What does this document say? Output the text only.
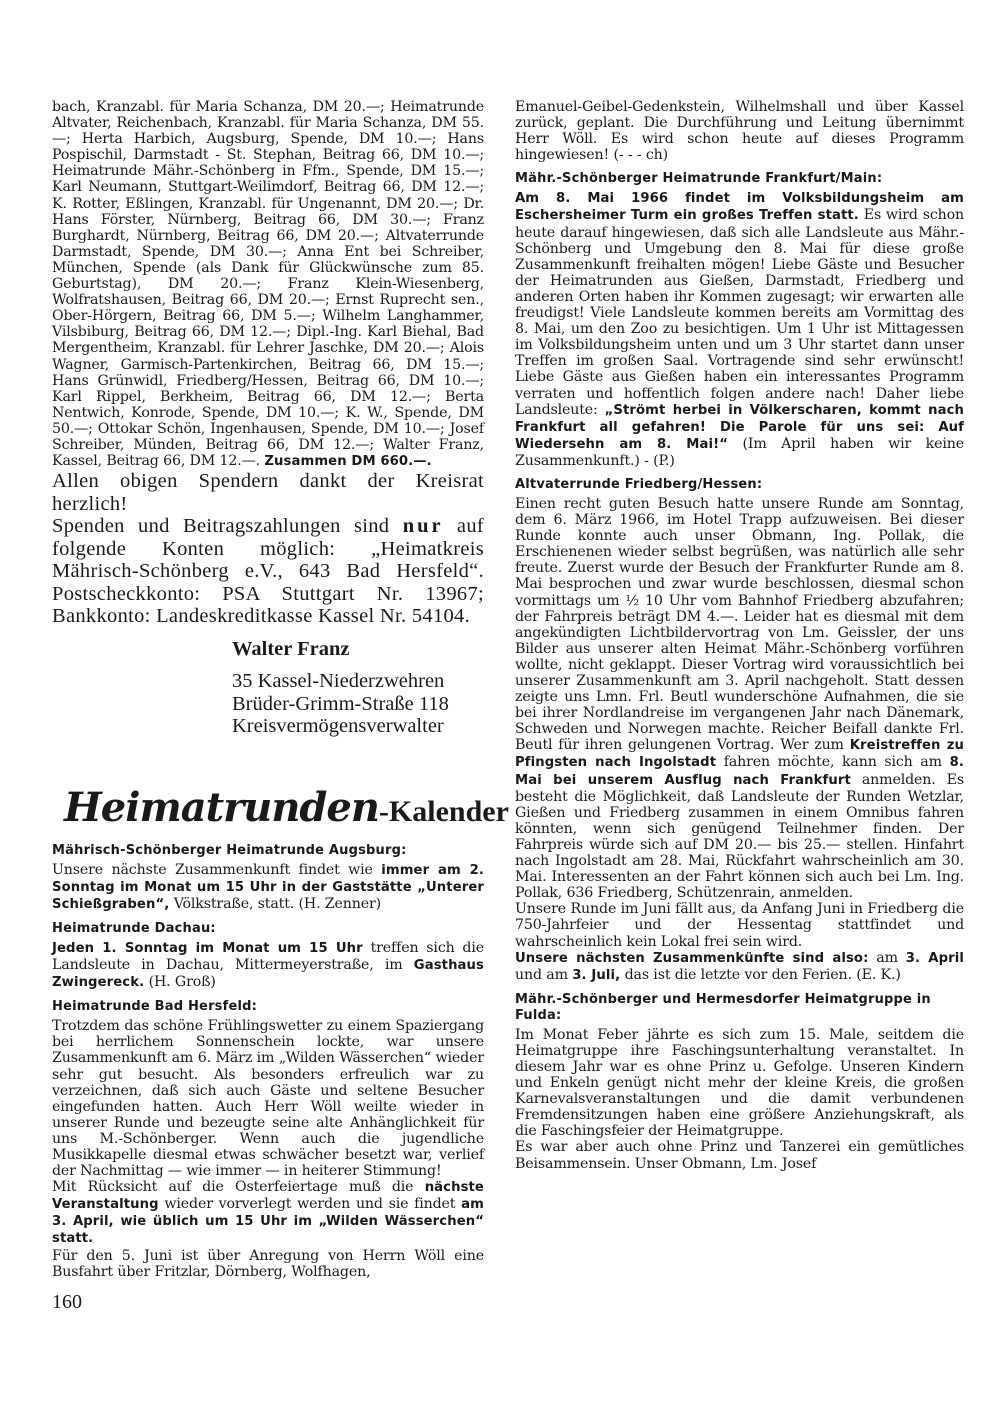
bach, Kranzabl. für Maria Schanza, DM 20.—; Heimatrunde Altvater, Reichenbach, Kranzabl. für Maria Schanza, DM 55.—; Herta Harbich, Augsburg, Spende, DM 10.—; Hans Pospischil, Darmstadt - St. Stephan, Beitrag 66, DM 10.—; Heimatrunde Mähr.-Schönberg in Ffm., Spende, DM 15.—; Karl Neumann, Stuttgart-Weilimdorf, Beitrag 66, DM 12.—; K. Rotter, Eßlingen, Kranzabl. für Ungenannt, DM 20.—; Dr. Hans Förster, Nürnberg, Beitrag 66, DM 30.—; Franz Burghardt, Nürnberg, Beitrag 66, DM 20.—; Altvaterrunde Darmstadt, Spende, DM 30.—; Anna Ent bei Schreiber, München, Spende (als Dank für Glückwünsche zum 85. Geburtstag), DM 20.—; Franz Klein-Wiesenberg, Wolfratshausen, Beitrag 66, DM 20.—; Ernst Ruprecht sen., Ober-Hörgern, Beitrag 66, DM 5.—; Wilhelm Langhammer, Vilsbiburg, Beitrag 66, DM 12.—; Dipl.-Ing. Karl Biehal, Bad Mergentheim, Kranzabl. für Lehrer Jaschke, DM 20.—; Alois Wagner, Garmisch-Partenkirchen, Beitrag 66, DM 15.—; Hans Grünwidl, Friedberg/Hessen, Beitrag 66, DM 10.—; Karl Rippel, Berkheim, Beitrag 66, DM 12.—; Berta Nentwich, Konrode, Spende, DM 10.—; K. W., Spende, DM 50.—; Ottokar Schön, Ingenhausen, Spende, DM 10.—; Josef Schreiber, Münden, Beitrag 66, DM 12.—; Walter Franz, Kassel, Beitrag 66, DM 12.—. Zusammen DM 660.—.

Allen obigen Spendern dankt der Kreisrat herzlich!

Spenden und Beitragszahlungen sind nur auf folgende Konten möglich: „Heimatkreis Mährisch-Schönberg e.V., 643 Bad Hersfeld“. Postscheckkonto: PSA Stuttgart Nr. 13967; Bankkonto: Landeskreditkasse Kassel Nr. 54104.

Walter Franz
35 Kassel-Niederzwehren
Brüder-Grimm-Straße 118
Kreisvermögensverwalter
Heimatrunden-Kalender
Mährisch-Schönberger Heimatrunde Augsburg:

Unsere nächste Zusammenkunft findet wie immer am 2. Sonntag im Monat um 15 Uhr in der Gaststätte „Unterer Schießgraben“, Völkstraße, statt. (H. Zenner)

Heimatrunde Dachau:

Jeden 1. Sonntag im Monat um 15 Uhr treffen sich die Landsleute in Dachau, Mittermeyerstraße, im Gasthaus Zwingereck. (H. Groß)

Heimatrunde Bad Hersfeld:

Trotzdem das schöne Frühlingswetter zu einem Spaziergang bei herrlichem Sonnenschein lockte, war unsere Zusammenkunft am 6. März im „Wilden Wässerchen“ wieder sehr gut besucht. Als besonders erfreulich war zu verzeichnen, daß sich auch Gäste und seltene Besucher eingefunden hatten. Auch Herr Wöll weilte wieder in unserer Runde und bezeugte seine alte Anhänglichkeit für uns M.-Schönberger. Wenn auch die jugendliche Musikkapelle diesmal etwas schwächer besetzt war, verlief der Nachmittag — wie immer — in heiterer Stimmung!

Mit Rücksicht auf die Osterfeiertage muß die nächste Veranstaltung wieder vorverlegt werden und sie findet am 3. April, wie üblich um 15 Uhr im „Wilden Wässerchen“ statt.

Für den 5. Juni ist über Anregung von Herrn Wöll eine Busfahrt über Fritzlar, Dörnberg, Wolfhagen,

Emanuel-Geibel-Gedenkstein, Wilhelmshall und über Kassel zurück, geplant. Die Durchführung und Leitung übernimmt Herr Wöll. Es wird schon heute auf dieses Programm hingewiesen! (- - - ch)

Mähr.-Schönberger Heimatrunde Frankfurt/Main:

Am 8. Mai 1966 findet im Volksbildungsheim am Eschersheimer Turm ein großes Treffen statt. Es wird schon heute darauf hingewiesen, daß sich alle Landsleute aus Mähr.-Schönberg und Umgebung den 8. Mai für diese große Zusammenkunft freihalten mögen! Liebe Gäste und Besucher der Heimatrunden aus Gießen, Darmstadt, Friedberg und anderen Orten haben ihr Kommen zugesagt; wir erwarten alle freudigst! Viele Landsleute kommen bereits am Vormittag des 8. Mai, um den Zoo zu besichtigen. Um 1 Uhr ist Mittagessen im Volksbildungsheim unten und um 3 Uhr startet dann unser Treffen im großen Saal. Vortragende sind sehr erwünscht! Liebe Gäste aus Gießen haben ein interessantes Programm verraten und hoffentlich folgen andere nach! Daher liebe Landsleute: „Strömt herbei in Völkerscharen, kommt nach Frankfurt all gefahren! Die Parole für uns sei: Auf Wiedersehn am 8. Mai!“ (Im April haben wir keine Zusammenkunft.) - (P.)

Altvaterrunde Friedberg/Hessen:

Einen recht guten Besuch hatte unsere Runde am Sonntag, dem 6. März 1966, im Hotel Trapp aufzuweisen. Bei dieser Runde konnte auch unser Obmann, Ing. Pollak, die Erschienenen wieder selbst begrüßen, was natürlich alle sehr freute. Zuerst wurde der Besuch der Frankfurter Runde am 8. Mai besprochen und zwar wurde beschlossen, diesmal schon vormittags um ½ 10 Uhr vom Bahnhof Friedberg abzufahren; der Fahrpreis beträgt DM 4.—. Leider hat es diesmal mit dem angekündigten Lichtbildervortrag von Lm. Geissler, der uns Bilder aus unserer alten Heimat Mähr.-Schönberg vorführen wollte, nicht geklappt. Dieser Vortrag wird voraussichtlich bei unserer Zusammenkunft am 3. April nachgeholt. Statt dessen zeigte uns Lmn. Frl. Beutl wunderschöne Aufnahmen, die sie bei ihrer Nordlandreise im vergangenen Jahr nach Dänemark, Schweden und Norwegen machte. Reicher Beifall dankte Frl. Beutl für ihren gelungenen Vortrag. Wer zum Kreistreffen zu Pfingsten nach Ingolstadt fahren möchte, kann sich am 8. Mai bei unserem Ausflug nach Frankfurt anmelden. Es besteht die Möglichkeit, daß Landsleute der Runden Wetzlar, Gießen und Friedberg zusammen in einem Omnibus fahren könnten, wenn sich genügend Teilnehmer finden. Der Fahrpreis würde sich auf DM 20.— bis 25.— stellen. Hinfahrt nach Ingolstadt am 28. Mai, Rückfahrt wahrscheinlich am 30. Mai. Interessenten an der Fahrt können sich auch bei Lm. Ing. Pollak, 636 Friedberg, Schützenrain, anmelden.

Unsere Runde im Juni fällt aus, da Anfang Juni in Friedberg die 750-Jahrfeier und der Hessentag stattfindet und wahrscheinlich kein Lokal frei sein wird.

Unsere nächsten Zusammenkünfte sind also: am 3. April und am 3. Juli, das ist die letzte vor den Ferien. (E. K.)

Mähr.-Schönberger und Hermesdorfer Heimatgruppe in Fulda:

Im Monat Feber jährte es sich zum 15. Male, seitdem die Heimatgruppe ihre Faschingsunterhaltung veranstaltet. In diesem Jahr war es ohne Prinz u. Gefolge. Unseren Kindern und Enkeln genügt nicht mehr der kleine Kreis, die großen Karnevalsveranstaltungen und die damit verbundenen Fremdensitzungen haben eine größere Anziehungskraft, als die Faschingsfeier der Heimatgruppe.

Es war aber auch ohne Prinz und Tanzerei ein gemütliches Beisammensein. Unser Obmann, Lm. Josef

160
